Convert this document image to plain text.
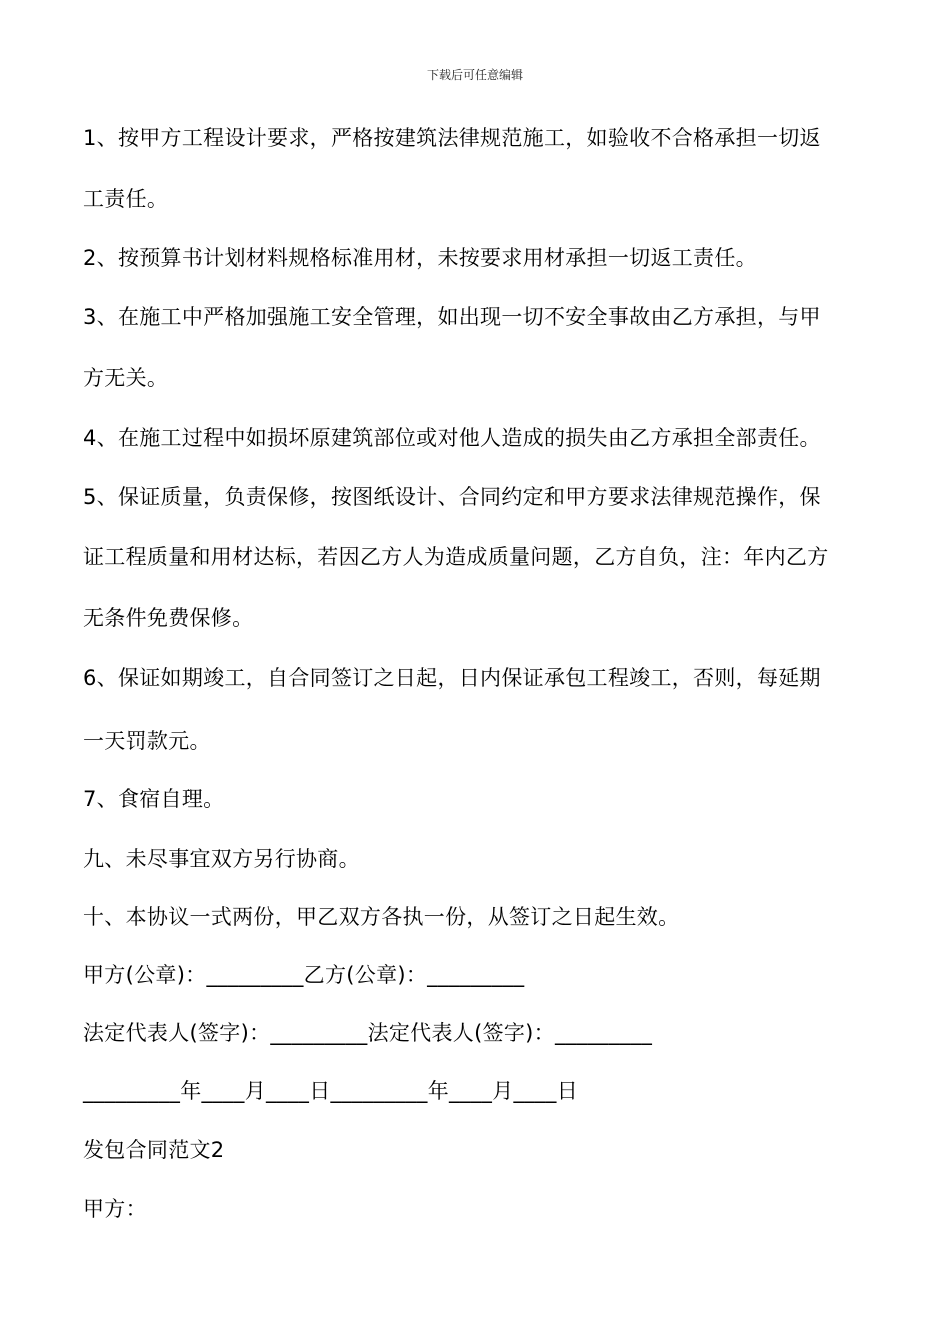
下载后可任意编辑

1、按甲方工程设计要求，严格按建筑法律规范施工，如验收不合格承担一切返

工责任。

2、按预算书计划材料规格标准用材，未按要求用材承担一切返工责任。

3、在施工中严格加强施工安全管理，如出现一切不安全事故由乙方承担，与甲

方无关。

4、在施工过程中如损坏原建筑部位或对他人造成的损失由乙方承担全部责任。

5、保证质量，负责保修，按图纸设计、合同约定和甲方要求法律规范操作，保

证工程质量和用材达标，若因乙方人为造成质量问题，乙方自负，注：年内乙方

无条件免费保修。

6、保证如期竣工，自合同签订之日起，日内保证承包工程竣工，否则，每延期

一天罚款元。

7、食宿自理。

九、未尽事宜双方另行协商。

十、本协议一式两份，甲乙双方各执一份，从签订之日起生效。

甲方(公章)：_________乙方(公章)：_________

法定代表人(签字)：_________法定代表人(签字)：_________

_________年____月____日_________年____月____日

发包合同范文2

甲方：
